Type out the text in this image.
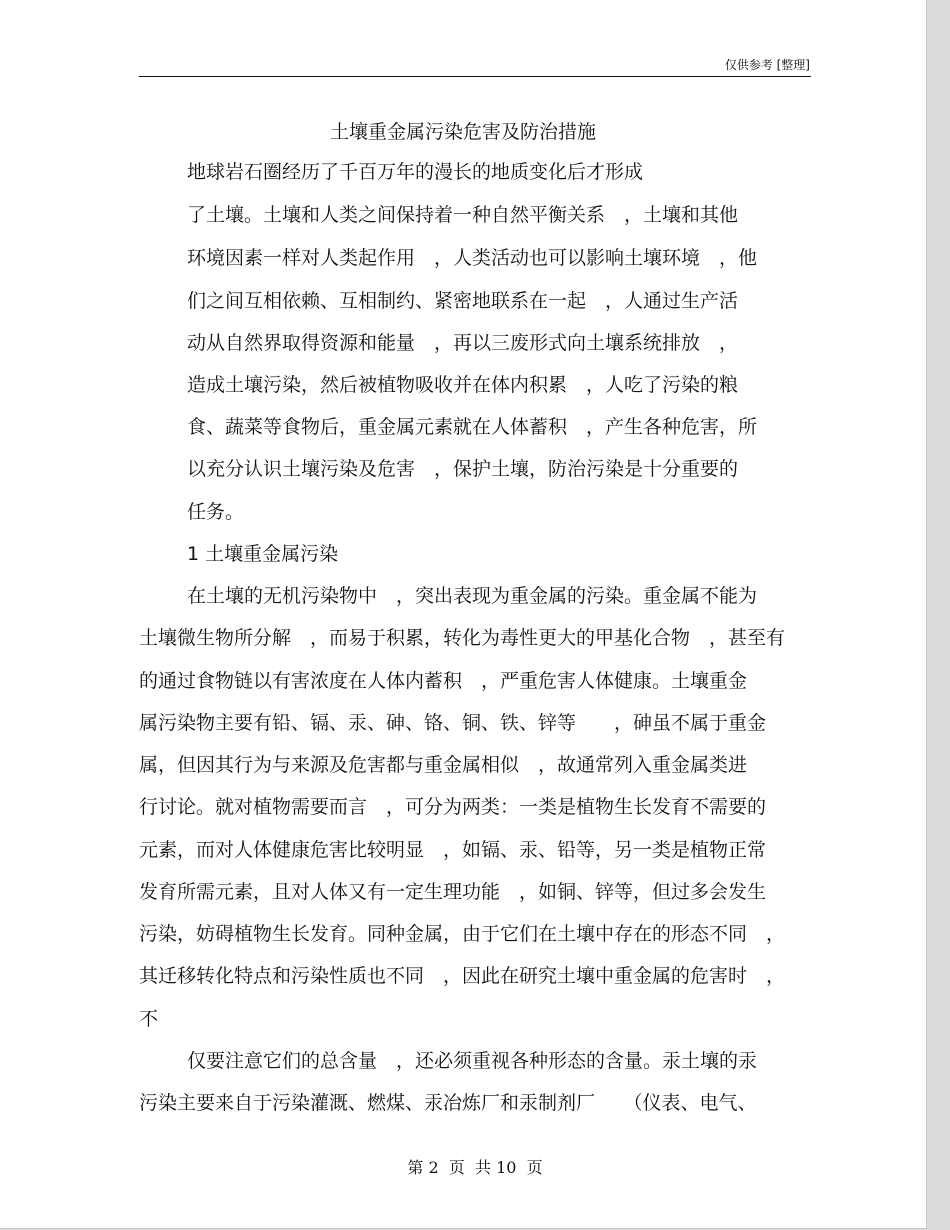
仅供参考 [整理]
土壤重金属污染危害及防治措施
地球岩石圈经历了千百万年的漫长的地质变化后才形成
了土壤。土壤和人类之间保持着一种自然平衡关系　，土壤和其他
环境因素一样对人类起作用　，人类活动也可以影响土壤环境　，他
们之间互相依赖、互相制约、紧密地联系在一起　，人通过生产活
动从自然界取得资源和能量　，再以三废形式向土壤系统排放　，
造成土壤污染，然后被植物吸收并在体内积累　，人吃了污染的粮
食、蔬菜等食物后，重金属元素就在人体蓄积　，产生各种危害，所
以充分认识土壤污染及危害　，保护土壤，防治污染是十分重要的
任务。
1 土壤重金属污染
在土壤的无机污染物中　，突出表现为重金属的污染。重金属不能为
土壤微生物所分解　，而易于积累，转化为毒性更大的甲基化合物　，甚至有
的通过食物链以有害浓度在人体内蓄积　，严重危害人体健康。土壤重金
属污染物主要有铅、镉、汞、砷、铬、铜、铁、锌等　　，砷虽不属于重金
属，但因其行为与来源及危害都与重金属相似　，故通常列入重金属类进
行讨论。就对植物需要而言　，可分为两类：一类是植物生长发育不需要的
元素，而对人体健康危害比较明显　，如镉、汞、铅等，另一类是植物正常
发育所需元素，且对人体又有一定生理功能　，如铜、锌等，但过多会发生
污染，妨碍植物生长发育。同种金属，由于它们在土壤中存在的形态不同　，
其迁移转化特点和污染性质也不同　，因此在研究土壤中重金属的危害时　，
不
仅要注意它们的总含量　，还必须重视各种形态的含量。汞土壤的汞
污染主要来自于污染灌溉、燃煤、汞冶炼厂和汞制剂厂　　（仪表、电气、
第 2  页  共 10  页
